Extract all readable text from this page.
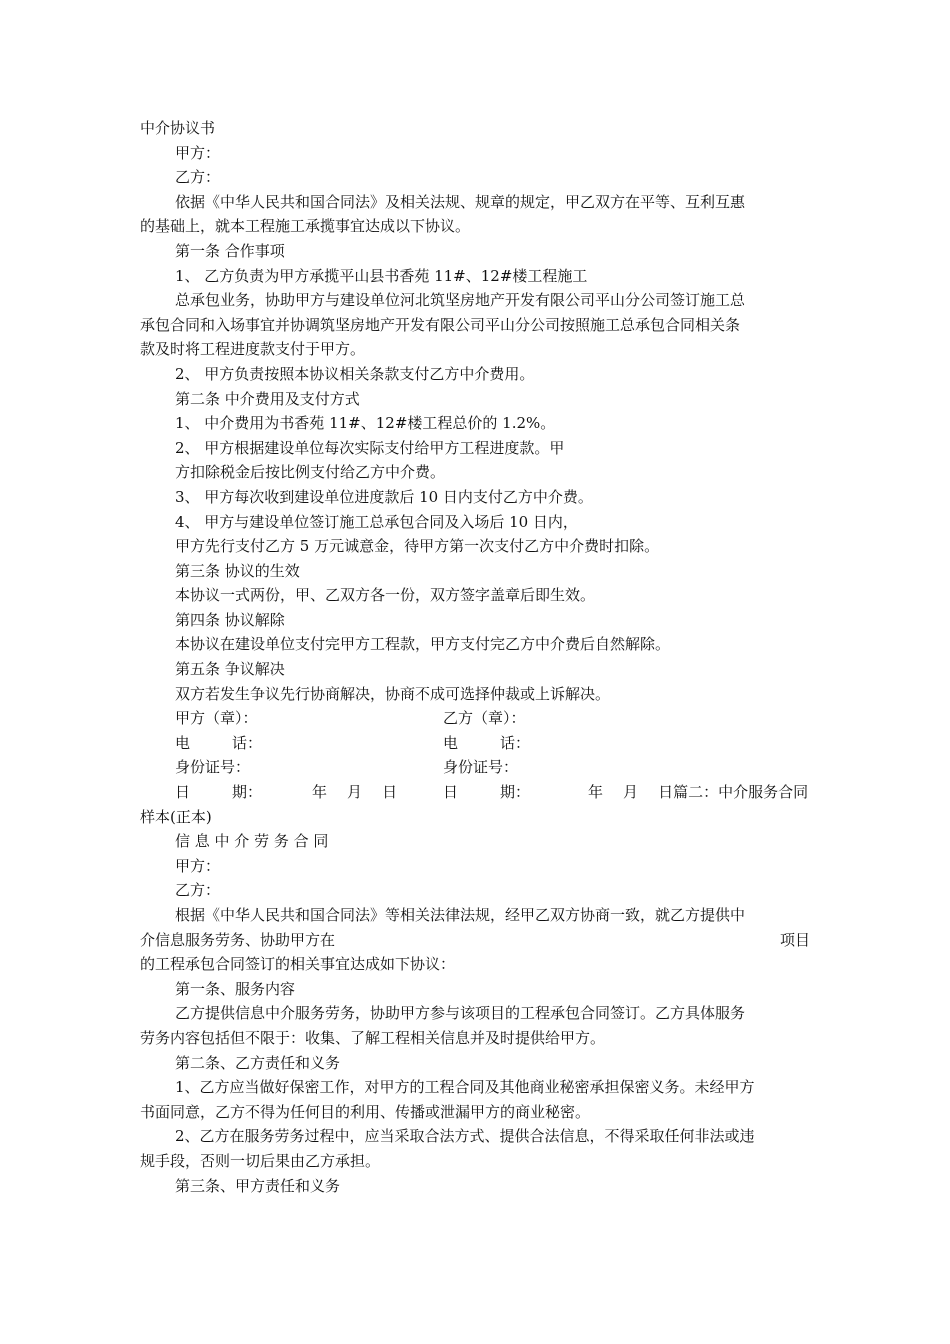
中介协议书
甲方：
乙方：
依据《中华人民共和国合同法》及相关法规、规章的规定，甲乙双方在平等、互利互惠
的基础上，就本工程施工承揽事宜达成以下协议。
第一条 合作事项
1、 乙方负责为甲方承揽平山县书香苑 11#、12#楼工程施工
总承包业务，协助甲方与建设单位河北筑坚房地产开发有限公司平山分公司签订施工总
承包合同和入场事宜并协调筑坚房地产开发有限公司平山分公司按照施工总承包合同相关条
款及时将工程进度款支付于甲方。
2、 甲方负责按照本协议相关条款支付乙方中介费用。
第二条 中介费用及支付方式
1、 中介费用为书香苑 11#、12#楼工程总价的 1.2%。
2、 甲方根据建设单位每次实际支付给甲方工程进度款。甲
方扣除税金后按比例支付给乙方中介费。
3、 甲方每次收到建设单位进度款后 10 日内支付乙方中介费。
4、 甲方与建设单位签订施工总承包合同及入场后 10 日内，
甲方先行支付乙方 5 万元诚意金，待甲方第一次支付乙方中介费时扣除。
第三条 协议的生效
本协议一式两份，甲、乙双方各一份，双方签字盖章后即生效。
第四条 协议解除
本协议在建设单位支付完甲方工程款，甲方支付完乙方中介费后自然解除。
第五条 争议解决
双方若发生争议先行协商解决，协商不成可选择仲裁或上诉解决。
甲方（章）：	乙方（章）：
电	话：	电	话：
身份证号：	身份证号：
日	期：	年 月 日	日	期：	年 月 日篇二：中介服务合同
样本(正本)
信 息 中 介 劳 务 合 同
甲方：
乙方：
根据《中华人民共和国合同法》等相关法律法规，经甲乙双方协商一致，就乙方提供中
介信息服务劳务、协助甲方在	项目
的工程承包合同签订的相关事宜达成如下协议：
第一条、服务内容
乙方提供信息中介服务劳务，协助甲方参与该项目的工程承包合同签订。乙方具体服务
劳务内容包括但不限于：收集、了解工程相关信息并及时提供给甲方。
第二条、乙方责任和义务
1、乙方应当做好保密工作，对甲方的工程合同及其他商业秘密承担保密义务。未经甲方
书面同意，乙方不得为任何目的利用、传播或泄漏甲方的商业秘密。
2、乙方在服务劳务过程中，应当采取合法方式、提供合法信息，不得采取任何非法或违
规手段，否则一切后果由乙方承担。
第三条、甲方责任和义务
